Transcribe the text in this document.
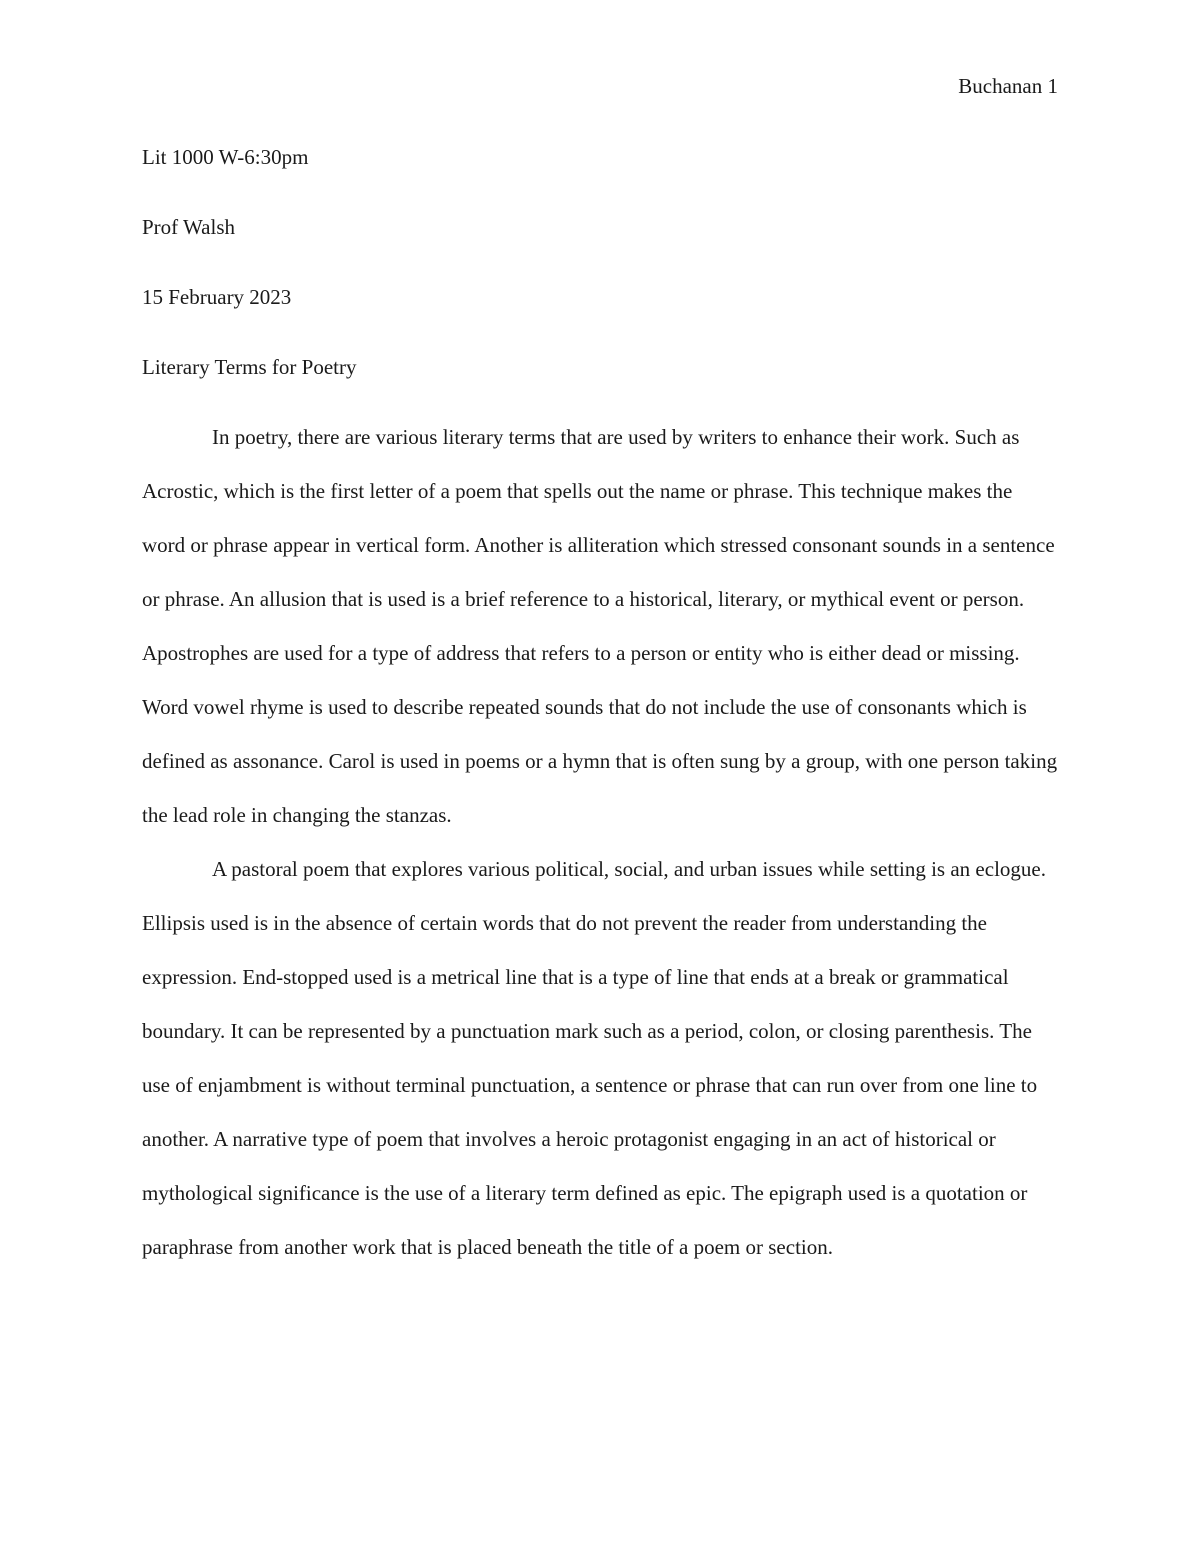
Buchanan 1

Lit 1000 W-6:30pm

Prof Walsh

15 February 2023

Literary Terms for Poetry

In poetry, there are various literary terms that are used by writers to enhance their work. Such as Acrostic, which is the first letter of a poem that spells out the name or phrase. This technique makes the word or phrase appear in vertical form. Another is alliteration which stressed consonant sounds in a sentence or phrase. An allusion that is used is a brief reference to a historical, literary, or mythical event or person. Apostrophes are used for a type of address that refers to a person or entity who is either dead or missing. Word vowel rhyme is used to describe repeated sounds that do not include the use of consonants which is defined as assonance. Carol is used in poems or a hymn that is often sung by a group, with one person taking the lead role in changing the stanzas.

A pastoral poem that explores various political, social, and urban issues while setting is an eclogue. Ellipsis used is in the absence of certain words that do not prevent the reader from understanding the expression. End-stopped used is a metrical line that is a type of line that ends at a break or grammatical boundary. It can be represented by a punctuation mark such as a period, colon, or closing parenthesis. The use of enjambment is without terminal punctuation, a sentence or phrase that can run over from one line to another. A narrative type of poem that involves a heroic protagonist engaging in an act of historical or mythological significance is the use of a literary term defined as epic. The epigraph used is a quotation or paraphrase from another work that is placed beneath the title of a poem or section.
